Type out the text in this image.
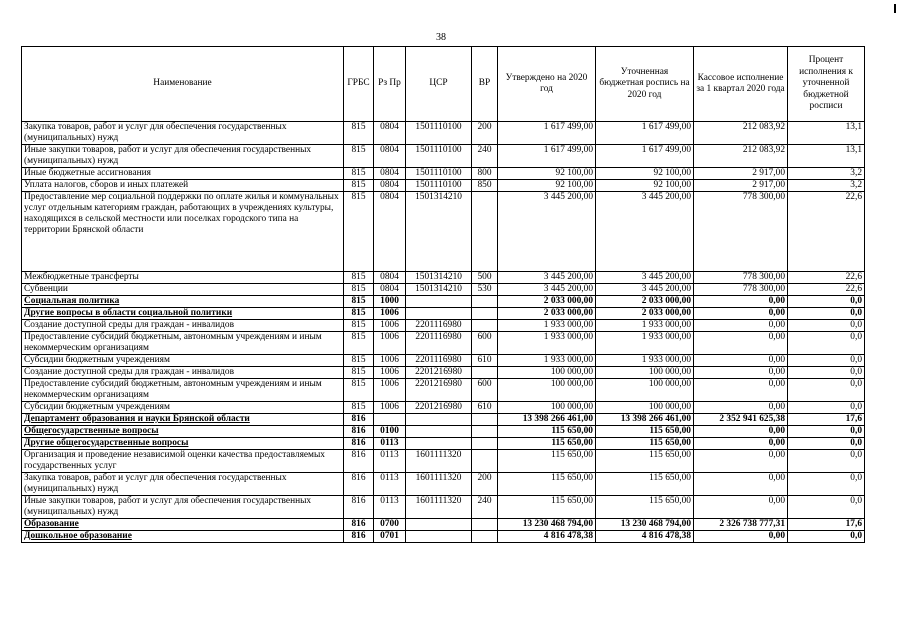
38
Наименование	ГРБС	Рз Пр	ЦСР	ВР	Утверждено на 2020 год	Уточненная бюджетная роспись на 2020 год	Кассовое исполнение за 1 квартал 2020 года	Процент исполнения к уточненной бюджетной росписи
Закупка товаров, работ и услуг для обеспечения государственных (муниципальных) нужд	815	0804	1501110100	200	1 617 499,00	1 617 499,00	212 083,92	13,1
Иные закупки товаров, работ и услуг для обеспечения государственных (муниципальных) нужд	815	0804	1501110100	240	1 617 499,00	1 617 499,00	212 083,92	13,1
Иные бюджетные ассигнования	815	0804	1501110100	800	92 100,00	92 100,00	2 917,00	3,2
Уплата налогов, сборов и иных платежей	815	0804	1501110100	850	92 100,00	92 100,00	2 917,00	3,2
Предоставление мер социальной поддержки по оплате жилья и коммунальных услуг отдельным категориям граждан, работающих в учреждениях культуры, находящихся в сельской местности или поселках городского типа на территории Брянской области	815	0804	1501314210		3 445 200,00	3 445 200,00	778 300,00	22,6
Межбюджетные трансферты	815	0804	1501314210	500	3 445 200,00	3 445 200,00	778 300,00	22,6
Субвенции	815	0804	1501314210	530	3 445 200,00	3 445 200,00	778 300,00	22,6
Социальная политика	815	1000			2 033 000,00	2 033 000,00	0,00	0,0
Другие вопросы в области социальной политики	815	1006			2 033 000,00	2 033 000,00	0,00	0,0
Создание доступной среды для граждан - инвалидов	815	1006	2201116980		1 933 000,00	1 933 000,00	0,00	0,0
Предоставление субсидий бюджетным, автономным учреждениям и иным некоммерческим организациям	815	1006	2201116980	600	1 933 000,00	1 933 000,00	0,00	0,0
Субсидии бюджетным учреждениям	815	1006	2201116980	610	1 933 000,00	1 933 000,00	0,00	0,0
Создание доступной среды для граждан - инвалидов	815	1006	2201216980		100 000,00	100 000,00	0,00	0,0
Предоставление субсидий бюджетным, автономным учреждениям и иным некоммерческим организациям	815	1006	2201216980	600	100 000,00	100 000,00	0,00	0,0
Субсидии бюджетным учреждениям	815	1006	2201216980	610	100 000,00	100 000,00	0,00	0,0
Департамент образования и науки Брянской области	816				13 398 266 461,00	13 398 266 461,00	2 352 941 625,38	17,6
Общегосударственные вопросы	816	0100			115 650,00	115 650,00	0,00	0,0
Другие общегосударственные вопросы	816	0113			115 650,00	115 650,00	0,00	0,0
Организация и проведение независимой оценки качества предоставляемых государственных услуг	816	0113	1601111320		115 650,00	115 650,00	0,00	0,0
Закупка товаров, работ и услуг для обеспечения государственных (муниципальных) нужд	816	0113	1601111320	200	115 650,00	115 650,00	0,00	0,0
Иные закупки товаров, работ и услуг для обеспечения государственных (муниципальных) нужд	816	0113	1601111320	240	115 650,00	115 650,00	0,00	0,0
Образование	816	0700			13 230 468 794,00	13 230 468 794,00	2 326 738 777,31	17,6
Дошкольное образование	816	0701			4 816 478,38	4 816 478,38	0,00	0,0
